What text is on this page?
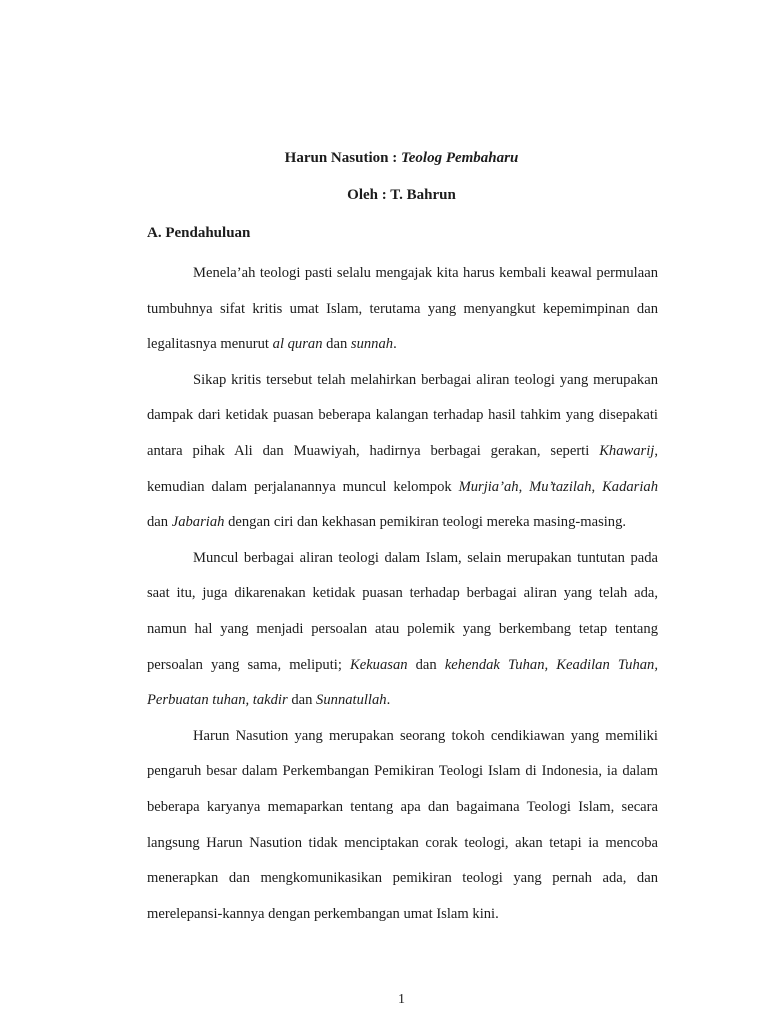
Harun Nasution : Teolog Pembaharu
Oleh : T. Bahrun
A. Pendahuluan

Menela’ah teologi pasti selalu mengajak kita harus kembali keawal permulaan tumbuhnya sifat kritis umat Islam, terutama yang menyangkut kepemimpinan dan legalitasnya menurut al quran dan sunnah.

Sikap kritis tersebut telah melahirkan berbagai aliran teologi yang merupakan dampak dari ketidak puasan beberapa kalangan terhadap hasil tahkim yang disepakati antara pihak Ali dan Muawiyah, hadirnya berbagai gerakan, seperti Khawarij, kemudian dalam perjalanannya muncul kelompok Murjia’ah, Mu’tazilah, Kadariah dan Jabariah dengan ciri dan kekhasan pemikiran teologi mereka masing-masing.

Muncul berbagai aliran teologi dalam Islam, selain merupakan tuntutan pada saat itu, juga dikarenakan ketidak puasan terhadap berbagai aliran yang telah ada, namun hal yang menjadi persoalan atau polemik yang berkembang tetap tentang persoalan yang sama, meliputi; Kekuasan dan kehendak Tuhan, Keadilan Tuhan, Perbuatan tuhan, takdir dan Sunnatullah.

Harun Nasution yang merupakan seorang tokoh cendikiawan yang memiliki pengaruh besar dalam Perkembangan Pemikiran Teologi Islam di Indonesia, ia dalam beberapa karyanya memaparkan tentang apa dan bagaimana Teologi Islam, secara langsung Harun Nasution tidak menciptakan corak teologi, akan tetapi ia mencoba menerapkan dan mengkomunikasikan pemikiran teologi yang pernah ada, dan merelepansi-kannya dengan perkembangan umat Islam kini.

1
